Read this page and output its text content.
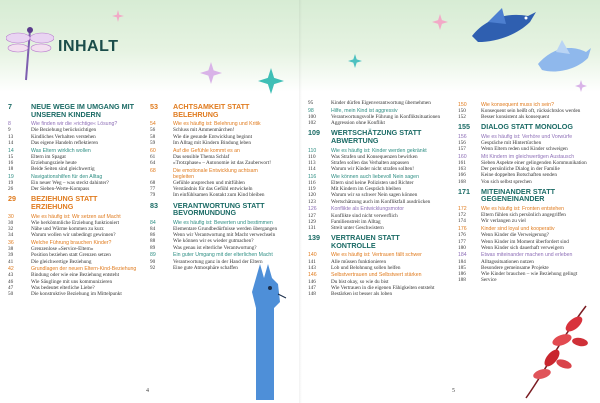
INHALT
7	NEUE WEGE IM UMGANG MIT UNSEREN KINDERN
8	Wie finden wir die »richtige« Lösung?
9	Die Beziehung berücksichtigen
13	Kindliches Verhalten verstehen
14	Das eigene Handeln reflektieren
14	Was Eltern wirklich wollen
15	Eltern im Spagat
16	Erziehungsziele heute
18	Beide Seiten sind gleichwertig
19	Navigationshilfen für den Alltag
19	Ein neuer Weg – was steckt dahinter?
26	Der Sieben-Werte-Kompass
29	BEZIEHUNG STATT ERZIEHUNG
30	Wie es häufig ist: Wir setzen auf Macht
30	Wie herkömmliche Erziehung funktioniert
32	Nähe und Wärme kommen zu kurz
34	Warum wollen wir unbedingt gewinnen?
36	Welche Führung brauchen Kinder?
38	Grenzenlose »Service-Eltern«
39	Position beziehen statt Grenzen setzen
41	Die gleichwertige Beziehung
42	Grundlagen der neuen Eltern-Kind-Beziehung
43	Bindung oder wie eine Beziehung entsteht
46	Wie Säuglinge mit uns kommunizieren
47	Was bedeutet elterliche Liebe?
50	Die konstruktive Beziehung im Mittelpunkt
53	ACHTSAMKEIT STATT BELEHRUNG
54	Wie es häufig ist: Belehrung und Kritik
56	Schluss mit Ammenmärchen!
58	Wie die gesunde Entwicklung beginnt
59	Im Alltag mit Kindern Bindung leben
60	Auf die Gefühle kommt es an
61	Das sensible Thema Schlaf
64	»Trotzphase« – Autonomie ist das Zauberwort!
68	Die emotionale Entwicklung achtsam begleiten
68	Gefühle ansprechen und mitfühlen
77	Verständnis für das Gefühl entwickeln
79	Im einfühlsamen Kontakt zum Kind bleiben
83	VERANTWORTUNG STATT BEVORMUNDUNG
84	Wie es häufig ist: Bewerten und bestimmen
84	Elementare Grundbedürfnisse werden übergangen
86	Wenn wir Verantwortung mit Macht verwechseln
88	Wie können wir es wieder gutmachen?
89	Was genau ist elterliche Verantwortung?
89	Ein guter Umgang mit der elterlichen Macht
90	Verantwortung ganz in der Hand der Eltern
92	Eine gute Atmosphäre schaffen
95	Kinder dürfen Eigenverantwortung übernehmen
98	Hilfe, mein Kind ist aggressiv
100	Verantwortungsvolle Führung in Konfliktsituationen
102	Aggression ohne Konflikt
109	WERTSCHÄTZUNG STATT ABWERTUNG
110	Wie es häufig ist: Kinder werden gekränkt
110	Was Strafen und Konsequenzen bewirken
113	Strafen sollen das Verhalten anpassen
114	Warum wir Kinder nicht strafen sollten!
116	Wie können auch liebevoll Nein sagen
116	Eltern sind keine Polizisten und Richter
119	Mit Kindern im Gespräch bleiben
120	Warum wir so schwer Nein sagen können
123	Wertschätzung auch im Konfliktfall ausdrücken
126	Konflikte als Entwicklungsmotor
127	Konflikte sind nicht verwerflich
129	Familienstreit im Alltag
131	Streit unter Geschwistern
139	VERTRAUEN STATT KONTROLLE
140	Wie es häufig ist: Vertrauen fällt schwer
141	Alle müssen funktionieren
143	Lob und Belohnung sollen helfen
146	Selbstvertrauen und Selbstwert stärken
146	Du bist okay, so wie du bist
147	Wie Vertrauen in die eigenen Fähigkeiten entsteht
148	Bestärken ist besser als loben
150	Wie konsequent muss ich sein?
150	Konsequent sein heißt oft, rücksichtslos werden
152	Besser konsistent als konsequent
155	DIALOG STATT MONOLOG
156	Wie es häufig ist: Verhöre und Vorwürfe
156	Gespräche mit Hintertürchen
157	Wenn Eltern reden und Kinder schweigen
160	Mit Kindern im gleichwertigen Austausch
161	Sieben Aspekte einer gelingenden Kommunikation
163	Der persönliche Dialog in der Familie
166	Keine doppelten Botschaften senden
168	Von sich selbst sprechen
171	MITEINANDER STATT GEGENEINANDER
172	Wie es häufig ist: Fronten entstehen
172	Eltern fühlen sich persönlich angegriffen
174	Wir verlangen zu viel
176	Kinder sind loyal und kooperativ
176	Wenn Kinder die Verweigerung?
177	Wenn Kinder im Moment überfordert sind
180	Wenn Kinder sich dauerhaft verweigern
184	Etwas miteinander machen und erleben
184	Alltagssituationen nutzen
185	Besondere gemeinsame Projekte
186	Wie Kinder brauchen – wie Beziehung gelingt
188	Service
4	5
